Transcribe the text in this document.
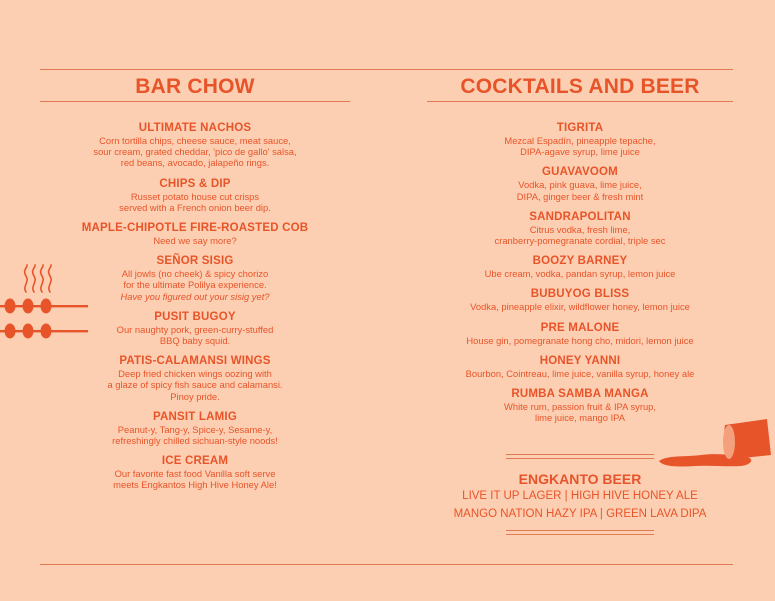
BAR CHOW	COCKTAILS AND BEER
ULTIMATE NACHOS
Corn tortilla chips, cheese sauce, meat sauce,
sour cream, grated cheddar, 'pico de gallo' salsa,
red beans, avocado, jalapeño rings.
CHIPS & DIP
Russet potato house cut crisps
served with a French onion beer dip.
MAPLE-CHIPOTLE FIRE-ROASTED COB
Need we say more?
SEÑOR SISIG
All jowls (no cheek) & spicy chorizo
for the ultimate Polilya experience.
Have you figured out your sisig yet?
PUSIT BUGOY
Our naughty pork, green-curry-stuffed
BBQ baby squid.
PATIS-CALAMANSI WINGS
Deep fried chicken wings oozing with
a glaze of spicy fish sauce and calamansi.
Pinoy pride.
PANSIT LAMIG
Peanut-y, Tang-y, Spice-y, Sesame-y,
refreshingly chilled sichuan-style noods!
ICE CREAM
Our favorite fast food Vanilla soft serve
meets Engkantos High Hive Honey Ale!
TIGRITA
Mezcal Espadín, pineapple tepache,
DIPA-agave syrup, lime juice
GUAVAVOOM
Vodka, pink guava, lime juice,
DIPA, ginger beer & fresh mint
SANDRAPOLITAN
Citrus vodka, fresh lime,
cranberry-pomegranate cordial, triple sec
BOOZY BARNEY
Ube cream, vodka, pandan syrup, lemon juice
BUBUYOG BLISS
Vodka, pineapple elixir, wildflower honey, lemon juice
PRE MALONE
House gin, pomegranate hong cho, midori, lemon juice
HONEY YANNI
Bourbon, Cointreau, lime juice, vanilla syrup, honey ale
RUMBA SAMBA MANGA
White rum, passion fruit & IPA syrup,
lime juice, mango IPA
ENGKANTO BEER
LIVE IT UP LAGER | HIGH HIVE HONEY ALE
MANGO NATION HAZY IPA | GREEN LAVA DIPA
